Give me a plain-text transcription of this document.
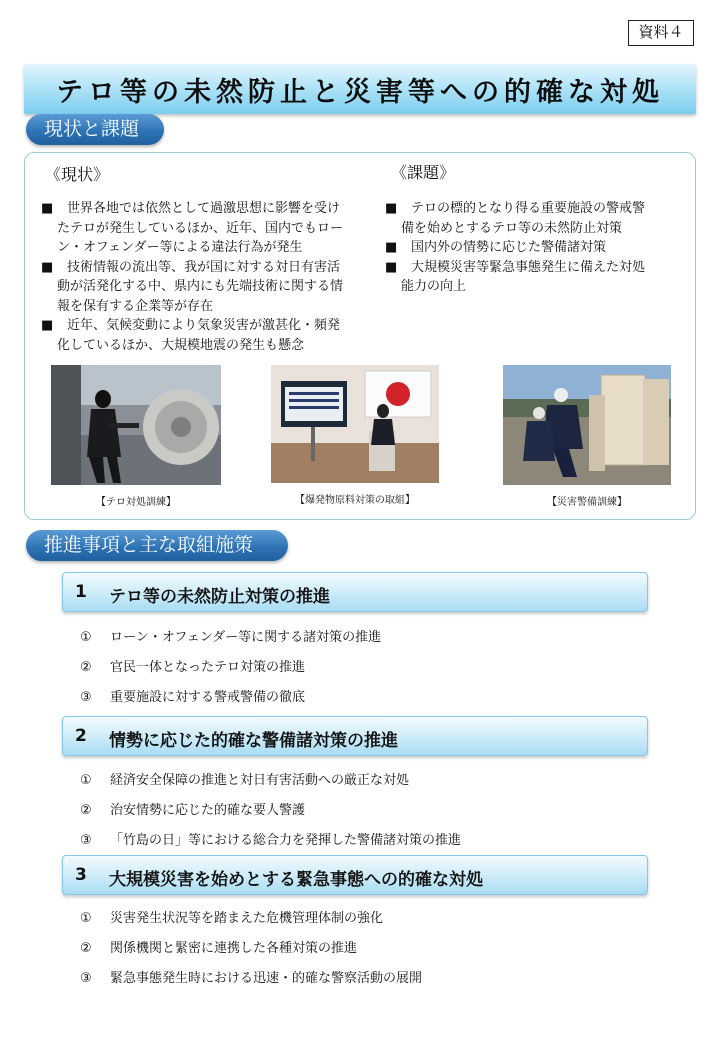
資料４
テロ等の未然防止と災害等への的確な対処
現状と課題
《現状》	《課題》
■	世界各地では依然として過激思想に影響を受け
たテロが発生しているほか、近年、国内でもロー
ン・オフェンダー等による違法行為が発生
■	技術情報の流出等、我が国に対する対日有害活
動が活発化する中、県内にも先端技術に関する情
報を保有する企業等が存在
■	近年、気候変動により気象災害が激甚化・頻発
化しているほか、大規模地震の発生も懸念
■	テロの標的となり得る重要施設の警戒警
備を始めとするテロ等の未然防止対策
■	国内外の情勢に応じた警備諸対策
■	大規模災害等緊急事態発生に備えた対処
能力の向上
【テロ対処訓練】	【爆発物原料対策の取組】	【災害警備訓練】
推進事項と主な取組施策
1 テロ等の未然防止対策の推進
① ローン・オフェンダー等に関する諸対策の推進
② 官民一体となったテロ対策の推進
③ 重要施設に対する警戒警備の徹底
2 情勢に応じた的確な警備諸対策の推進
① 経済安全保障の推進と対日有害活動への厳正な対処
② 治安情勢に応じた的確な要人警護
③ 「竹島の日」等における総合力を発揮した警備諸対策の推進
3 大規模災害を始めとする緊急事態への的確な対処
① 災害発生状況等を踏まえた危機管理体制の強化
② 関係機関と緊密に連携した各種対策の推進
③ 緊急事態発生時における迅速・的確な警察活動の展開
